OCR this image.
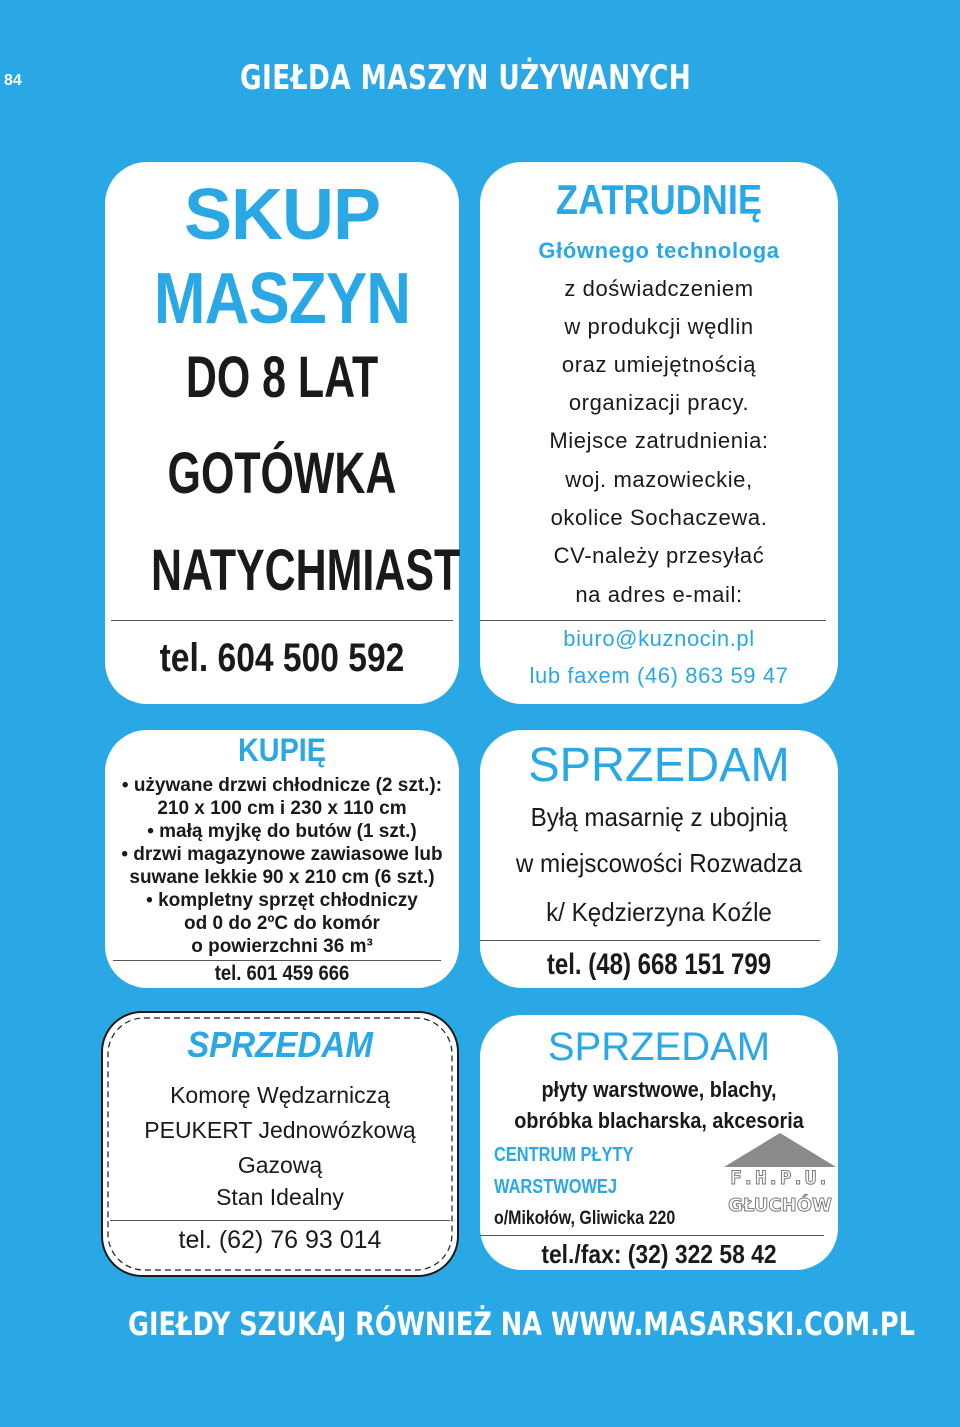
84	GIEŁDA MASZYN UŻYWANYCH
SKUP
MASZYN
DO 8 LAT
GOTÓWKA
NATYCHMIAST
tel. 604 500 592
ZATRUDNIĘ
Głównego technologa
z doświadczeniem
w produkcji wędlin
oraz umiejętnością
organizacji pracy.
Miejsce zatrudnienia:
woj. mazowieckie,
okolice Sochaczewa.
CV-należy przesyłać
na adres e-mail:
biuro@kuznocin.pl
lub faxem (46) 863 59 47
KUPIĘ
• używane drzwi chłodnicze (2 szt.):
210 x 100 cm i 230 x 110 cm
• małą myjkę do butów (1 szt.)
• drzwi magazynowe zawiasowe lub
suwane lekkie 90 x 210 cm (6 szt.)
• kompletny sprzęt chłodniczy
od 0 do 2ºC do komór
o powierzchni 36 m³
tel. 601 459 666
SPRZEDAM
Byłą masarnię z ubojnią
w miejscowości Rozwadza
k/ Kędzierzyna Koźle
tel. (48) 668 151 799
SPRZEDAM
Komorę Wędzarniczą
PEUKERT Jednowózkową
Gazową
Stan Idealny
tel. (62) 76 93 014
SPRZEDAM
płyty warstwowe, blachy,
obróbka blacharska, akcesoria
CENTRUM PŁYTY
WARSTWOWEJ
o/Mikołów, Gliwicka 220
F.H.P.U.
GŁUCHÓW
tel./fax: (32) 322 58 42
GIEŁDY SZUKAJ RÓWNIEŻ NA WWW.MASARSKI.COM.PL
